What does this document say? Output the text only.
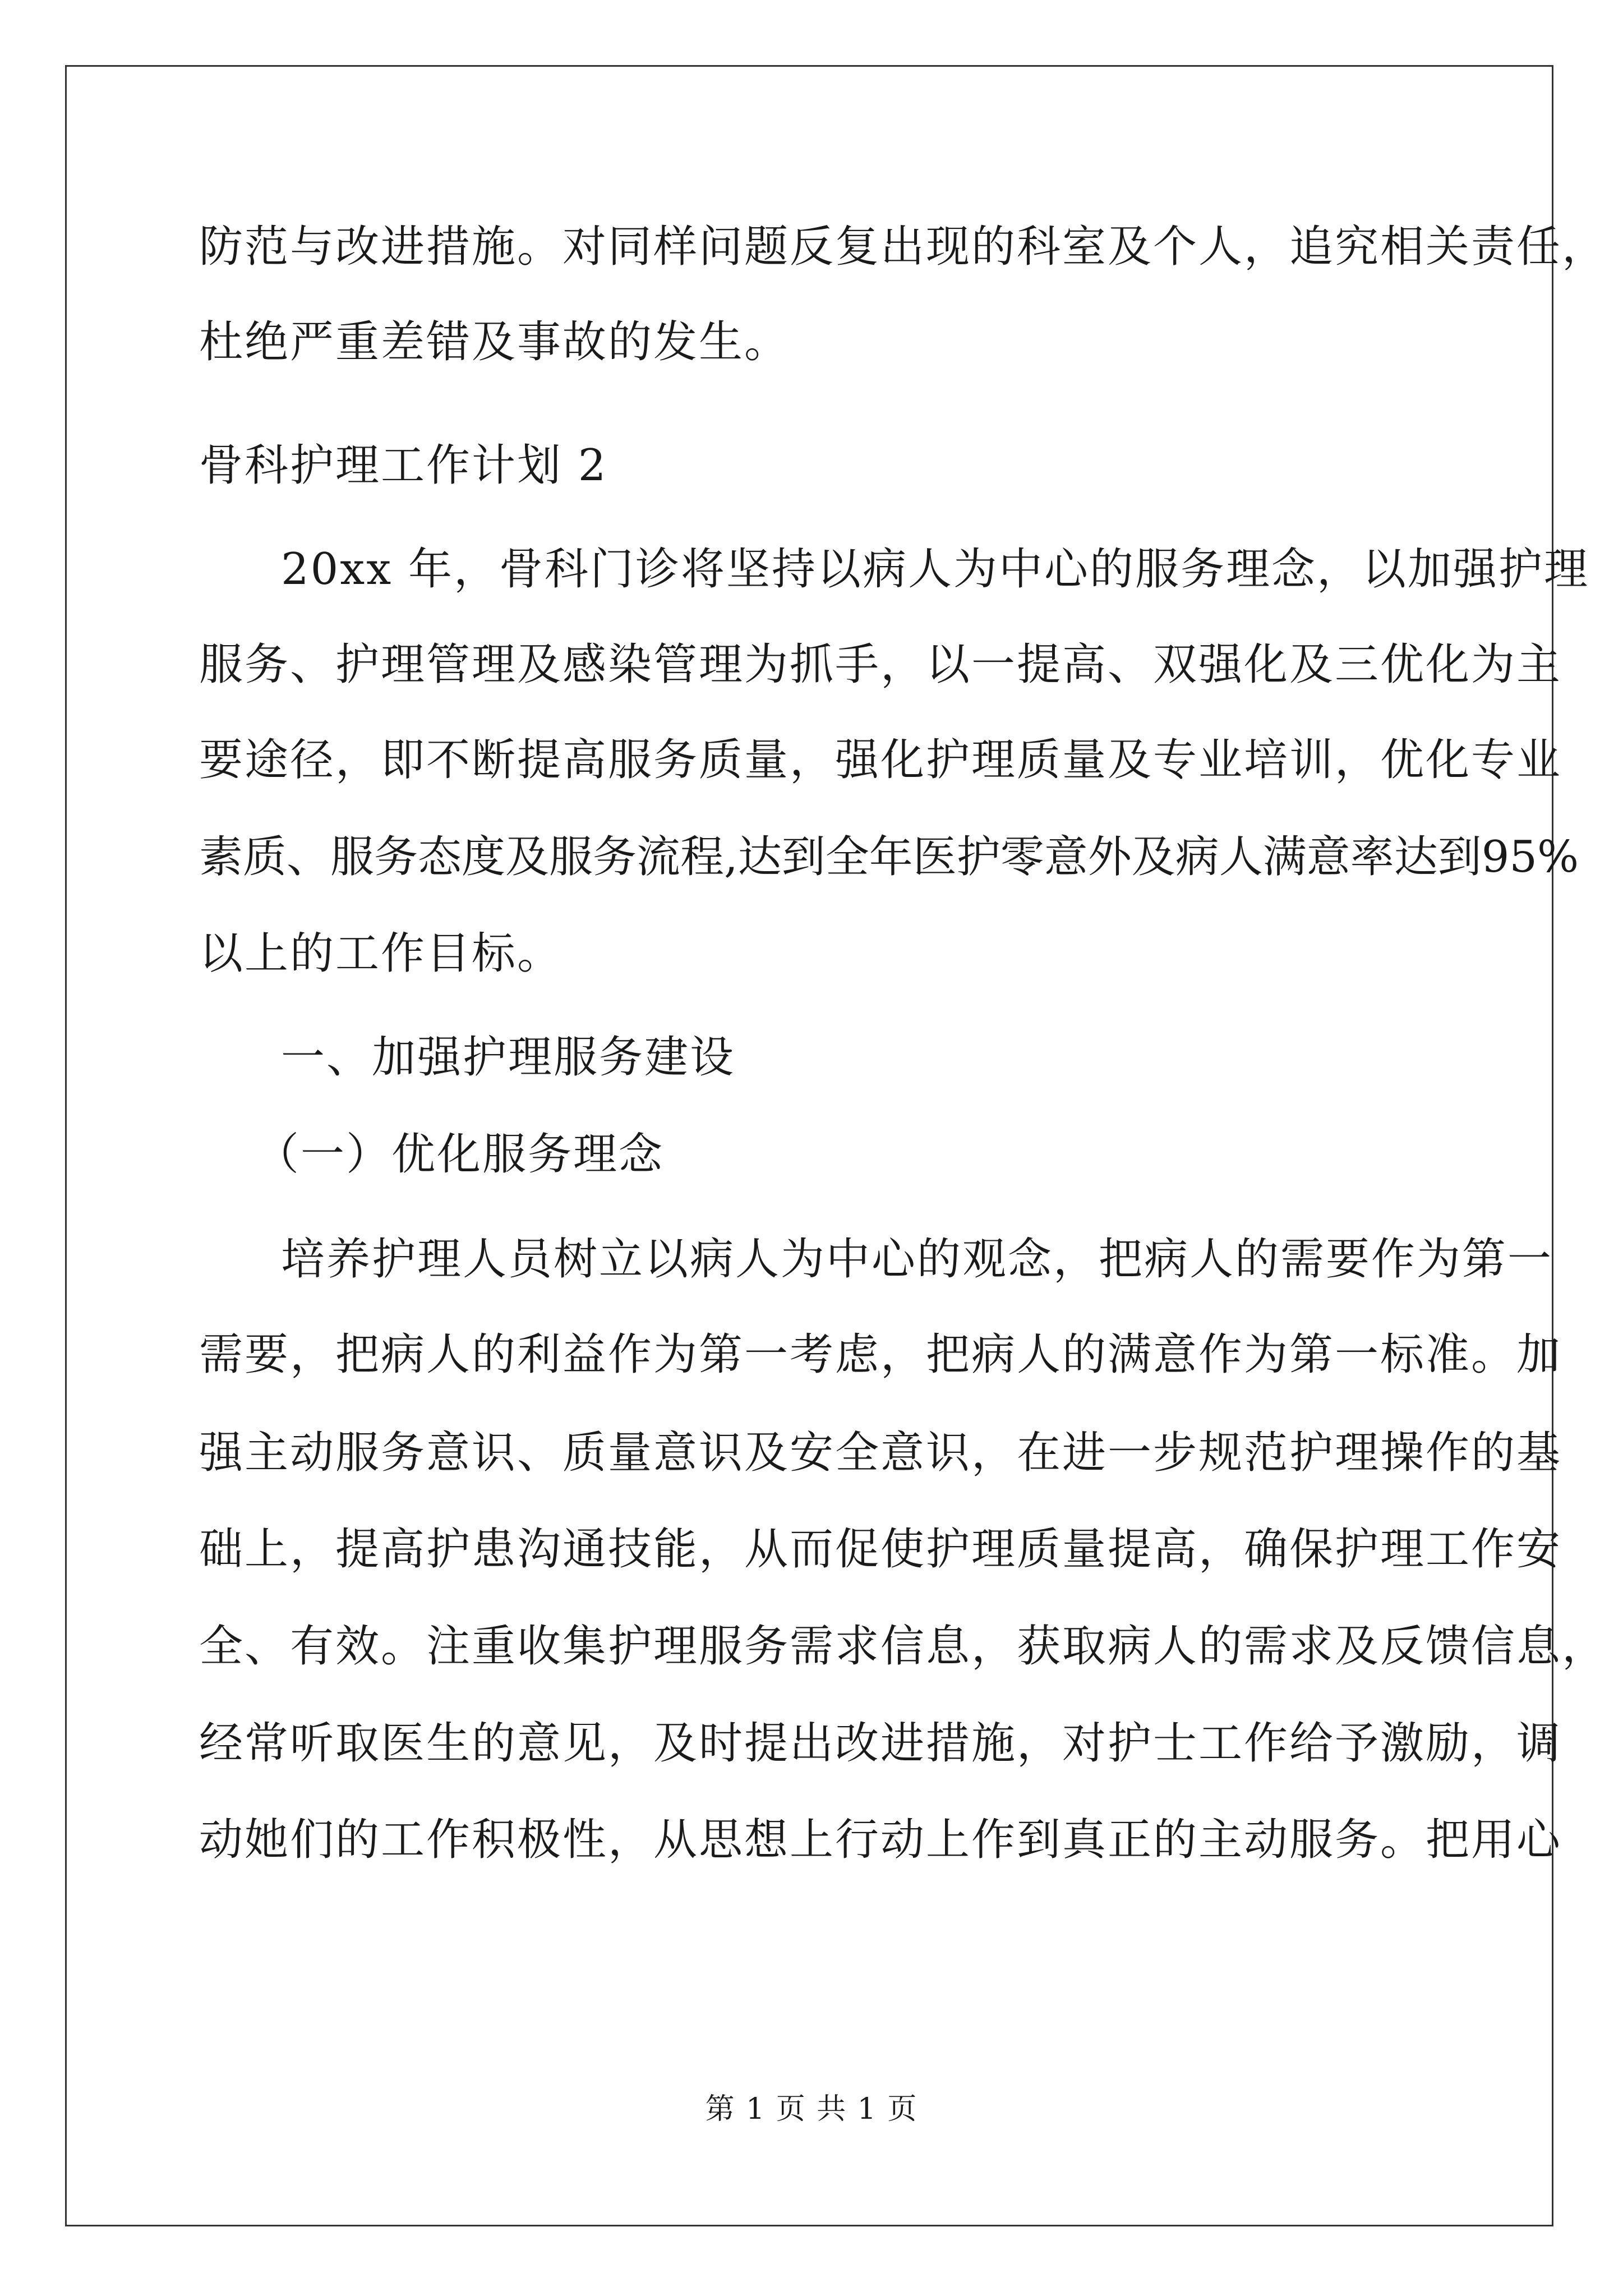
防范与改进措施。对同样问题反复出现的科室及个人，追究相关责任，
杜绝严重差错及事故的发生。
骨科护理工作计划 2
20xx 年，骨科门诊将坚持以病人为中心的服务理念，以加强护理
服务、护理管理及感染管理为抓手，以一提高、双强化及三优化为主
要途径，即不断提高服务质量，强化护理质量及专业培训，优化专业
素质、服务态度及服务流程,达到全年医护零意外及病人满意率达到95%
以上的工作目标。
一、加强护理服务建设
（一）优化服务理念
培养护理人员树立以病人为中心的观念，把病人的需要作为第一
需要，把病人的利益作为第一考虑，把病人的满意作为第一标准。加
强主动服务意识、质量意识及安全意识，在进一步规范护理操作的基
础上，提高护患沟通技能，从而促使护理质量提高，确保护理工作安
全、有效。注重收集护理服务需求信息，获取病人的需求及反馈信息，
经常听取医生的意见，及时提出改进措施，对护士工作给予激励，调
动她们的工作积极性，从思想上行动上作到真正的主动服务。把用心
第 1 页 共 1 页
